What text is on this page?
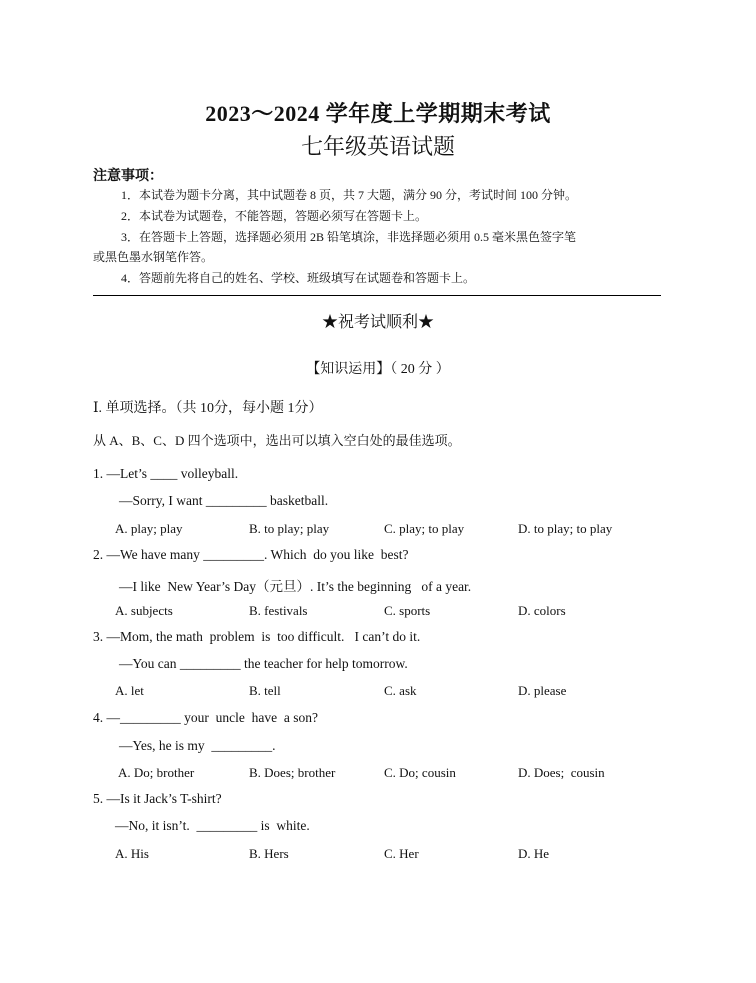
2023～2024 学年度上学期期末考试
七年级英语试题
注意事项：
1．本试卷为题卡分离，其中试题卷 8 页，共 7 大题，满分 90 分，考试时间 100 分钟。
2．本试卷为试题卷，不能答题，答题必须写在答题卡上。
3．在答题卡上答题，选择题必须用 2B 铅笔填涂，非选择题必须用 0.5 毫米黑色签字笔
或黑色墨水钢笔作答。
4．答题前先将自己的姓名、学校、班级填写在试题卷和答题卡上。
★祝考试顺利★
【知识运用】（ 20 分 ）
Ⅰ. 单项选择。（共 10分，每小题 1分）
从 A、B、C、D 四个选项中，选出可以填入空白处的最佳选项。
1. —Let’s ____ volleyball.
—Sorry, I want _________ basketball.
A. play; play	B. to play; play	C. play; to play	D. to play; to play
2. —We have many _________. Which  do you like  best?
—I like  New Year’s Day（元旦）. It’s the beginning   of a year.
A. subjects	B. festivals	C. sports	D. colors
3. —Mom, the math  problem  is  too difficult.   I can’t do it.
—You can _________ the teacher for help tomorrow.
A. let	B. tell	C. ask	D. please
4. —_________ your  uncle  have  a son?
—Yes, he is my  _________.
A. Do; brother	B. Does; brother	C. Do; cousin	D. Does;  cousin
5. —Is it Jack’s T-shirt?
—No, it isn’t.  _________ is  white.
A. His	B. Hers	C. Her	D. He
